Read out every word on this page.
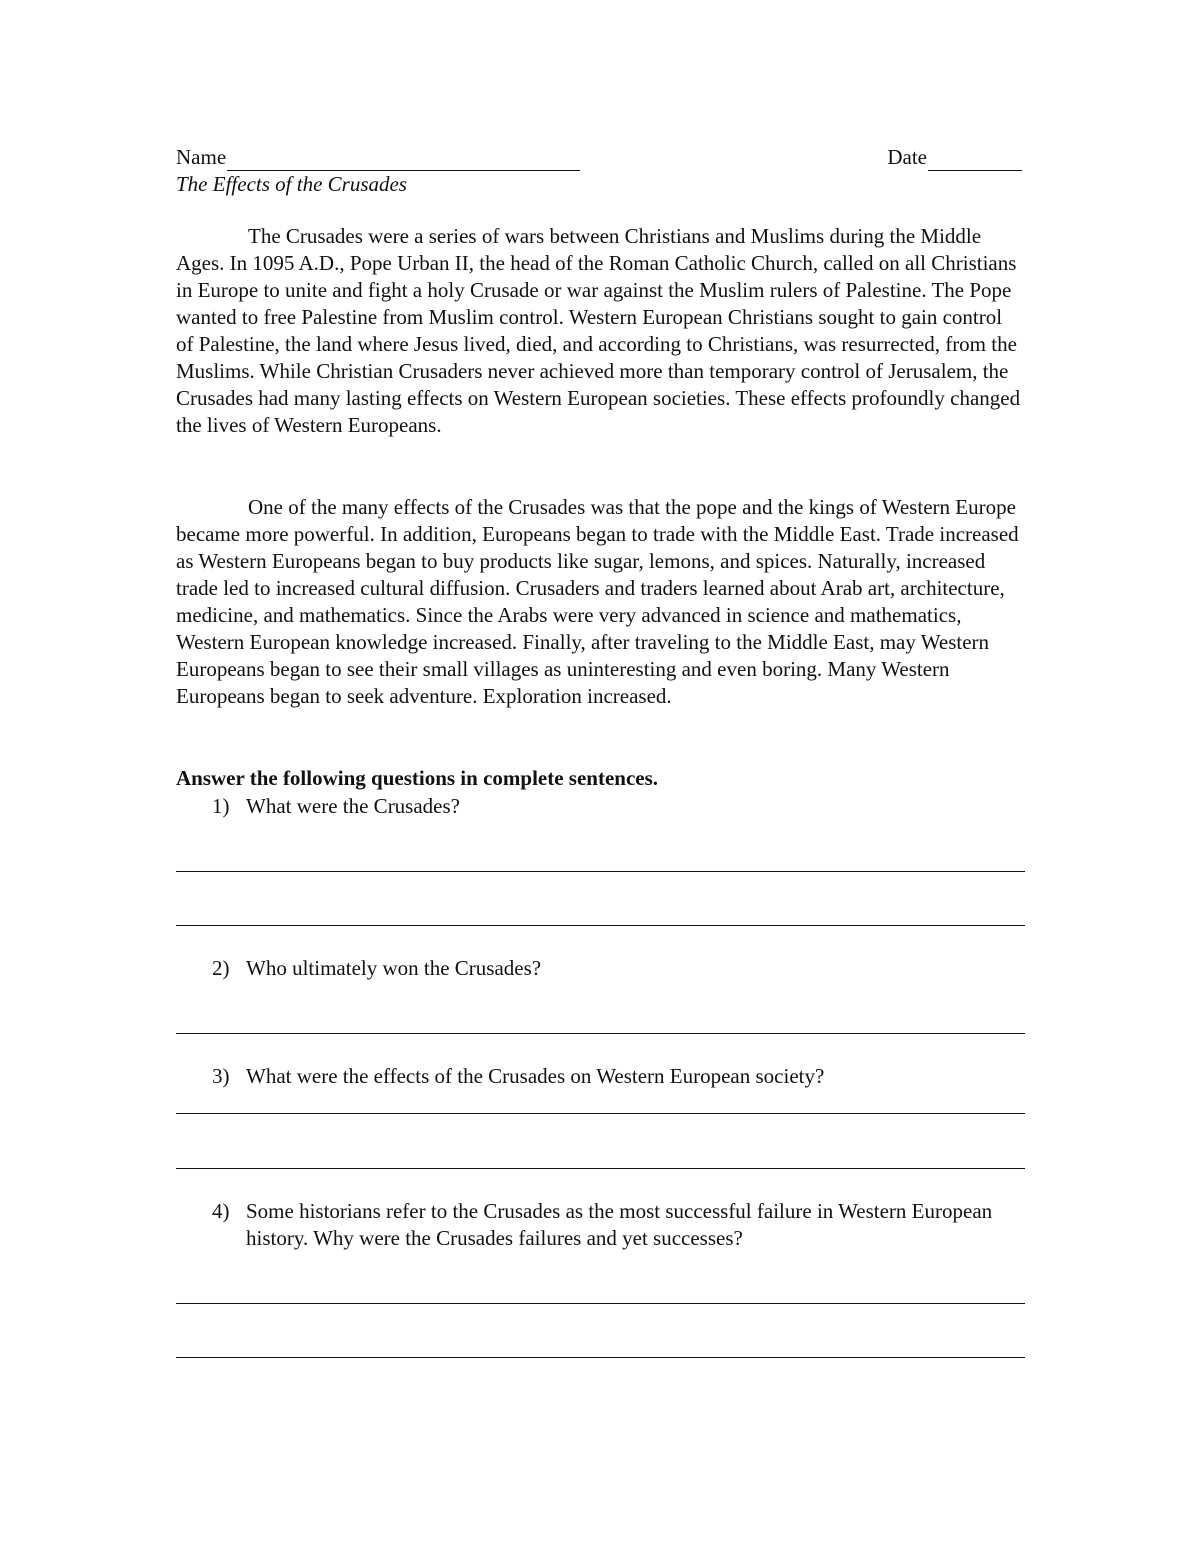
Name	Date
The Effects of the Crusades

The Crusades were a series of wars between Christians and Muslims during the Middle Ages. In 1095 A.D., Pope Urban II, the head of the Roman Catholic Church, called on all Christians in Europe to unite and fight a holy Crusade or war against the Muslim rulers of Palestine. The Pope wanted to free Palestine from Muslim control. Western European Christians sought to gain control of Palestine, the land where Jesus lived, died, and according to Christians, was resurrected, from the Muslims. While Christian Crusaders never achieved more than temporary control of Jerusalem, the Crusades had many lasting effects on Western European societies. These effects profoundly changed the lives of Western Europeans.

One of the many effects of the Crusades was that the pope and the kings of Western Europe became more powerful. In addition, Europeans began to trade with the Middle East. Trade increased as Western Europeans began to buy products like sugar, lemons, and spices. Naturally, increased trade led to increased cultural diffusion. Crusaders and traders learned about Arab art, architecture, medicine, and mathematics. Since the Arabs were very advanced in science and mathematics, Western European knowledge increased. Finally, after traveling to the Middle East, may Western Europeans began to see their small villages as uninteresting and even boring. Many Western Europeans began to seek adventure. Exploration increased.

Answer the following questions in complete sentences.
1) What were the Crusades?
2) Who ultimately won the Crusades?
3) What were the effects of the Crusades on Western European society?
4) Some historians refer to the Crusades as the most successful failure in Western European history. Why were the Crusades failures and yet successes?
